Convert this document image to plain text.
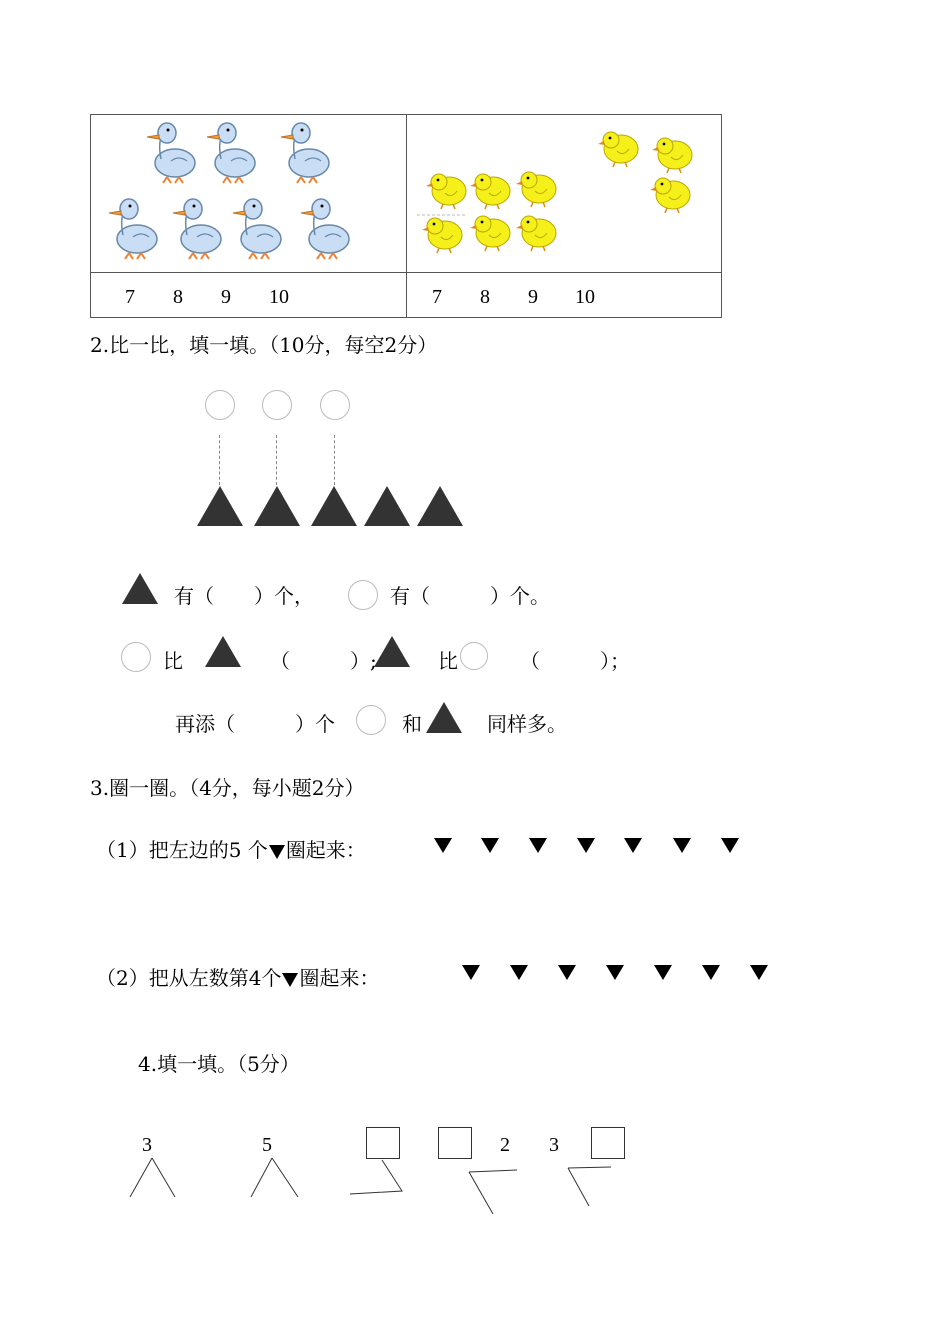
7 8 9 10	7 8 9 10
2.比一比，填一填。（10分，每空2分）
有（　　）个，	有（　　　）个。
比	（　　　）;	比	（　　　）；
再添（　　　）个	和	同样多。
3.圈一圈。（4分，每小题2分）
（1）把左边的5 个 圈起来：
（2）把从左数第4个 圈起来：
4.填一填。（5分）
3	5	2 3
